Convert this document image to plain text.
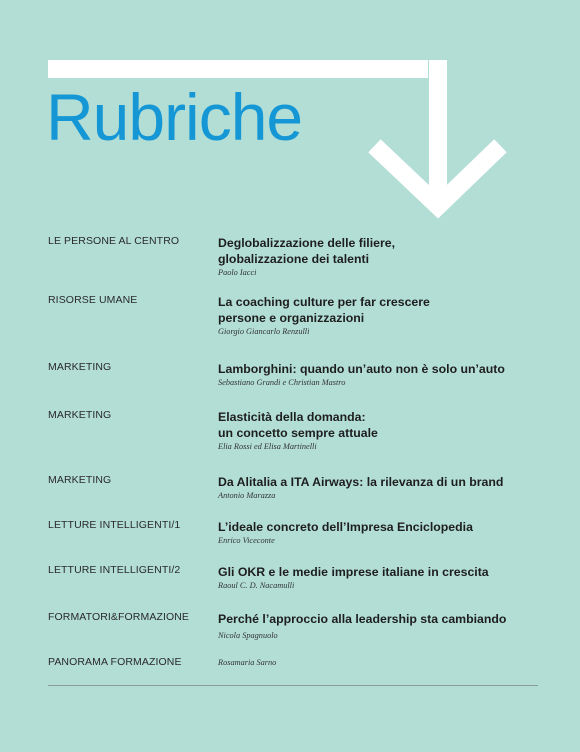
Rubriche
LE PERSONE AL CENTRO	Deglobalizzazione delle filiere,
globalizzazione dei talenti
Paolo Iacci
RISORSE UMANE	La coaching culture per far crescere
persone e organizzazioni
Giorgio Giancarlo Renzulli
MARKETING	Lamborghini: quando un’auto non è solo un’auto
Sebastiano Grandi e Christian Mastro
MARKETING	Elasticità della domanda:
un concetto sempre attuale
Elia Rossi ed Elisa Martinelli
MARKETING	Da Alitalia a ITA Airways: la rilevanza di un brand
Antonio Marazza
LETTURE INTELLIGENTI/1	L’ideale concreto dell’Impresa Enciclopedia
Enrico Viceconte
LETTURE INTELLIGENTI/2	Gli OKR e le medie imprese italiane in crescita
Raoul C. D. Nacamulli
FORMATORI&FORMAZIONE	Perché l’approccio alla leadership sta cambiando
Nicola Spagnuolo
PANORAMA FORMAZIONE	Rosamaria Sarno
